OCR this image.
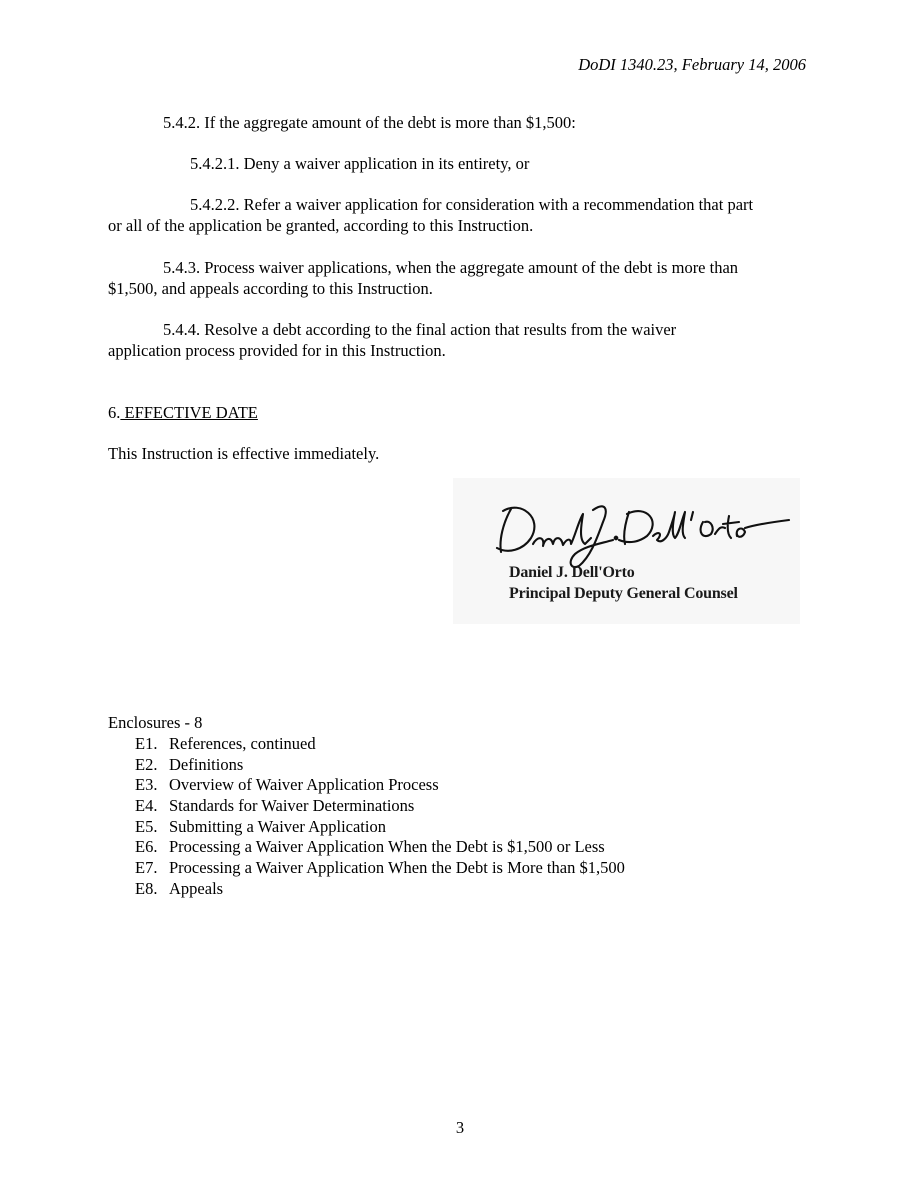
DoDI 1340.23, February 14, 2006
5.4.2. If the aggregate amount of the debt is more than $1,500:
5.4.2.1. Deny a waiver application in its entirety, or
5.4.2.2. Refer a waiver application for consideration with a recommendation that part
or all of the application be granted, according to this Instruction.
5.4.3. Process waiver applications, when the aggregate amount of the debt is more than
$1,500, and appeals according to this Instruction.
5.4.4. Resolve a debt according to the final action that results from the waiver
application process provided for in this Instruction.
6. EFFECTIVE DATE
This Instruction is effective immediately.
Daniel J. Dell'Orto
Principal Deputy General Counsel
Enclosures - 8
E1. References, continued
E2. Definitions
E3. Overview of Waiver Application Process
E4. Standards for Waiver Determinations
E5. Submitting a Waiver Application
E6. Processing a Waiver Application When the Debt is $1,500 or Less
E7. Processing a Waiver Application When the Debt is More than $1,500
E8. Appeals
3
